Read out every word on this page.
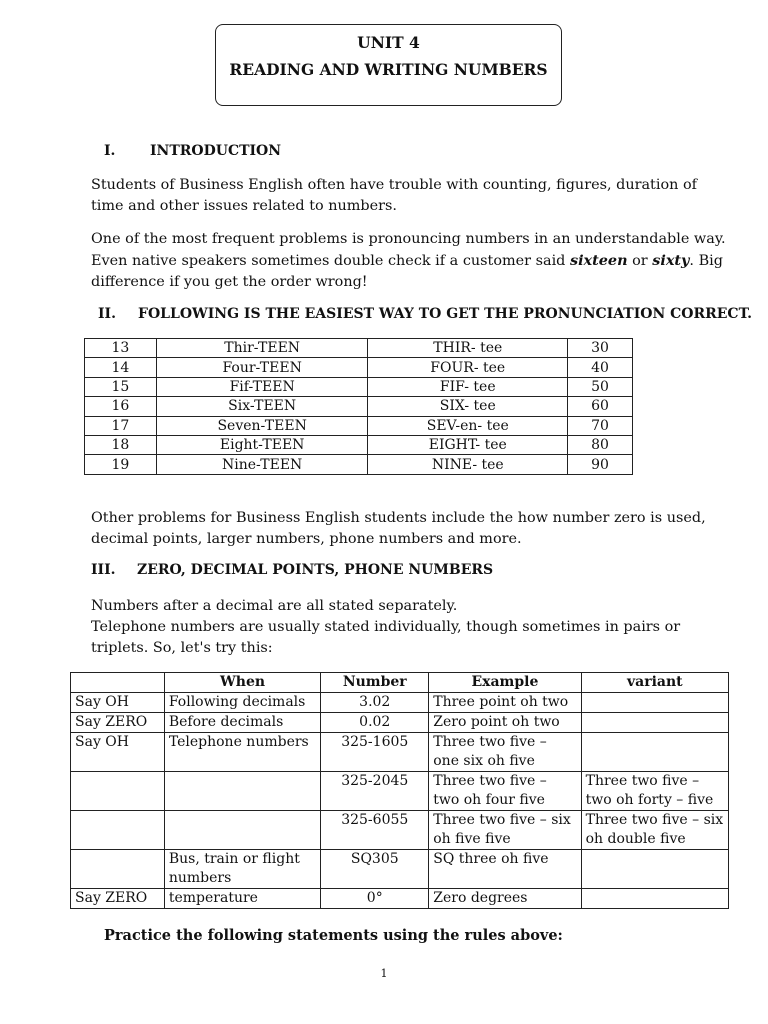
UNIT 4
READING AND WRITING NUMBERS
I. INTRODUCTION
Students of Business English often have trouble with counting, figures, duration of time and other issues related to numbers.
One of the most frequent problems is pronouncing numbers in an understandable way. Even native speakers sometimes double check if a customer said sixteen or sixty. Big difference if you get the order wrong!
II. FOLLOWING IS THE EASIEST WAY TO GET THE PRONUNCIATION CORRECT.
13	Thir-TEEN	THIR- tee	30
14	Four-TEEN	FOUR- tee	40
15	Fif-TEEN	FIF- tee	50
16	Six-TEEN	SIX- tee	60
17	Seven-TEEN	SEV-en- tee	70
18	Eight-TEEN	EIGHT- tee	80
19	Nine-TEEN	NINE- tee	90
Other problems for Business English students include the how number zero is used, decimal points, larger numbers, phone numbers and more.
III. ZERO, DECIMAL POINTS, PHONE NUMBERS
Numbers after a decimal are all stated separately.
Telephone numbers are usually stated individually, though sometimes in pairs or triplets. So, let's try this:
	When	Number	Example	variant
Say OH	Following decimals	3.02	Three point oh two	
Say ZERO	Before decimals	0.02	Zero point oh two	
Say OH	Telephone numbers	325-1605	Three two five – one six oh five	
		325-2045	Three two five – two oh four five	Three two five – two oh forty – five
		325-6055	Three two five – six oh five five	Three two five – six oh double five
	Bus, train or flight numbers	SQ305	SQ three oh five	
Say ZERO	temperature	0°	Zero degrees	
Practice the following statements using the rules above:
1
